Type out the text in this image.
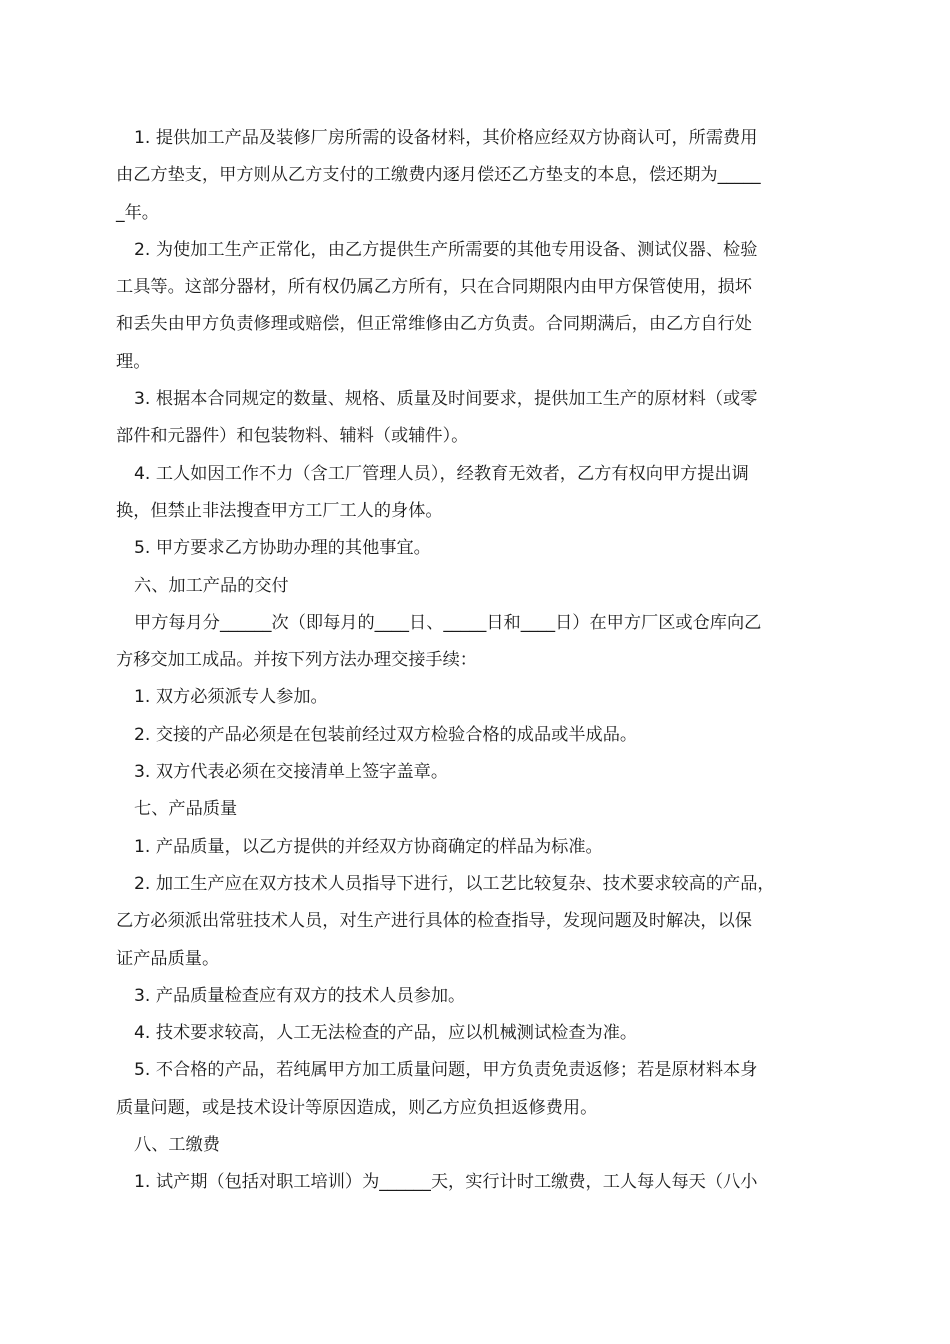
1. 提供加工产品及装修厂房所需的设备材料，其价格应经双方协商认可，所需费用
由乙方垫支，甲方则从乙方支付的工缴费内逐月偿还乙方垫支的本息，偿还期为_____
_年。
2. 为使加工生产正常化，由乙方提供生产所需要的其他专用设备、测试仪器、检验
工具等。这部分器材，所有权仍属乙方所有，只在合同期限内由甲方保管使用，损坏
和丢失由甲方负责修理或赔偿，但正常维修由乙方负责。合同期满后，由乙方自行处
理。
3. 根据本合同规定的数量、规格、质量及时间要求，提供加工生产的原材料（或零
部件和元器件）和包装物料、辅料（或辅件）。
4. 工人如因工作不力（含工厂管理人员），经教育无效者，乙方有权向甲方提出调
换，但禁止非法搜查甲方工厂工人的身体。
5. 甲方要求乙方协助办理的其他事宜。
六、加工产品的交付
甲方每月分______次（即每月的____日、_____日和____日）在甲方厂区或仓库向乙
方移交加工成品。并按下列方法办理交接手续：
1. 双方必须派专人参加。
2. 交接的产品必须是在包装前经过双方检验合格的成品或半成品。
3. 双方代表必须在交接清单上签字盖章。
七、产品质量
1. 产品质量，以乙方提供的并经双方协商确定的样品为标准。
2. 加工生产应在双方技术人员指导下进行，以工艺比较复杂、技术要求较高的产品，
乙方必须派出常驻技术人员，对生产进行具体的检查指导，发现问题及时解决，以保
证产品质量。
3. 产品质量检查应有双方的技术人员参加。
4. 技术要求较高，人工无法检查的产品，应以机械测试检查为准。
5. 不合格的产品，若纯属甲方加工质量问题，甲方负责免责返修；若是原材料本身
质量问题，或是技术设计等原因造成，则乙方应负担返修费用。
八、工缴费
1. 试产期（包括对职工培训）为______天，实行计时工缴费，工人每人每天（八小
